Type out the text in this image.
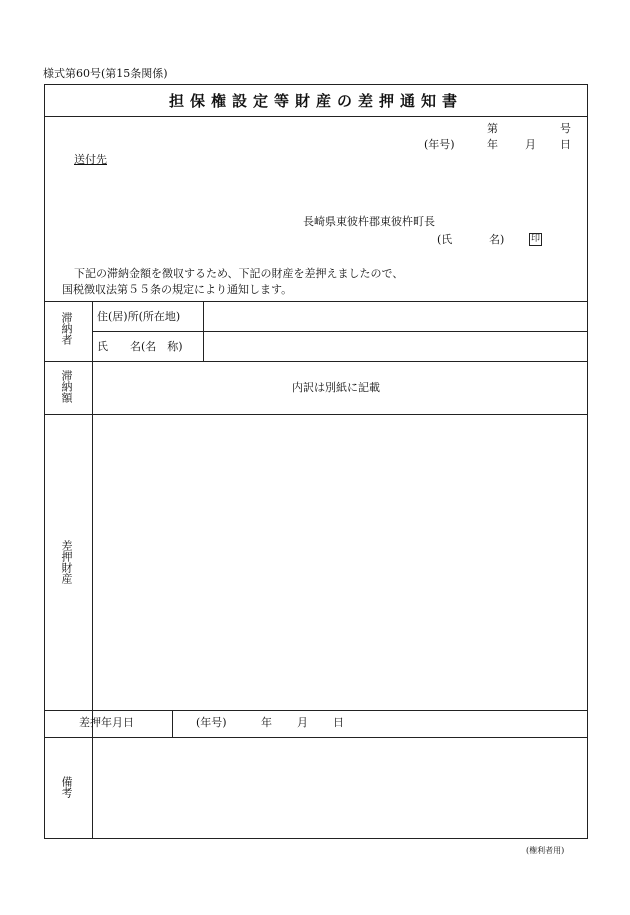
様式第60号(第15条関係)
担保権設定等財産の差押通知書
第	号
(年号)	年 月 日
送付先
長崎県東彼杵郡東彼杵町長
(氏	名)	印
下記の滞納金額を徴収するため、下記の財産を差押えましたので、
国税徴収法第５５条の規定により通知します。
滞納者 住(居)所(所在地)
氏　　名(名　称)
滞納額	内訳は別紙に記載
差押財産
差押年月日	(年号)	年 月 日
備考
(権利者用)
